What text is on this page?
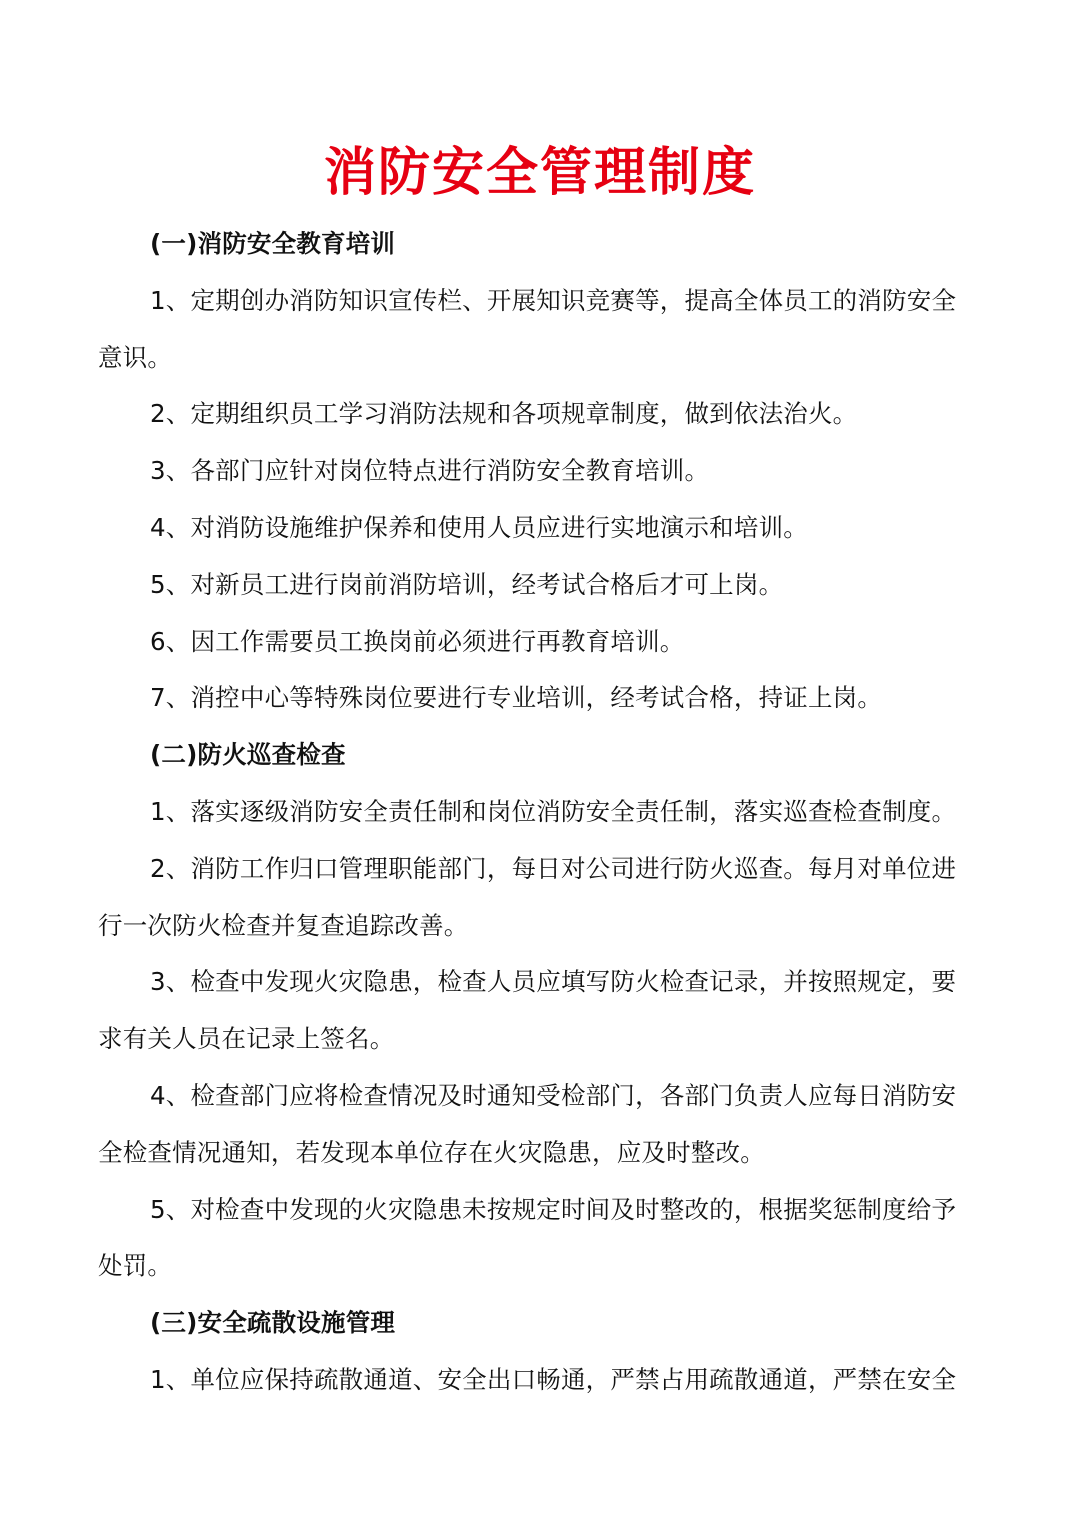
消防安全管理制度

(一)消防安全教育培训

1、定期创办消防知识宣传栏、开展知识竞赛等，提高全体员工的消防安全

意识。

2、定期组织员工学习消防法规和各项规章制度，做到依法治火。

3、各部门应针对岗位特点进行消防安全教育培训。

4、对消防设施维护保养和使用人员应进行实地演示和培训。

5、对新员工进行岗前消防培训，经考试合格后才可上岗。

6、因工作需要员工换岗前必须进行再教育培训。

7、消控中心等特殊岗位要进行专业培训，经考试合格，持证上岗。

(二)防火巡查检查

1、落实逐级消防安全责任制和岗位消防安全责任制，落实巡查检查制度。

2、消防工作归口管理职能部门，每日对公司进行防火巡查。每月对单位进

行一次防火检查并复查追踪改善。

3、检查中发现火灾隐患，检查人员应填写防火检查记录，并按照规定，要

求有关人员在记录上签名。

4、检查部门应将检查情况及时通知受检部门，各部门负责人应每日消防安

全检查情况通知，若发现本单位存在火灾隐患，应及时整改。

5、对检查中发现的火灾隐患未按规定时间及时整改的，根据奖惩制度给予

处罚。

(三)安全疏散设施管理

1、单位应保持疏散通道、安全出口畅通，严禁占用疏散通道，严禁在安全
